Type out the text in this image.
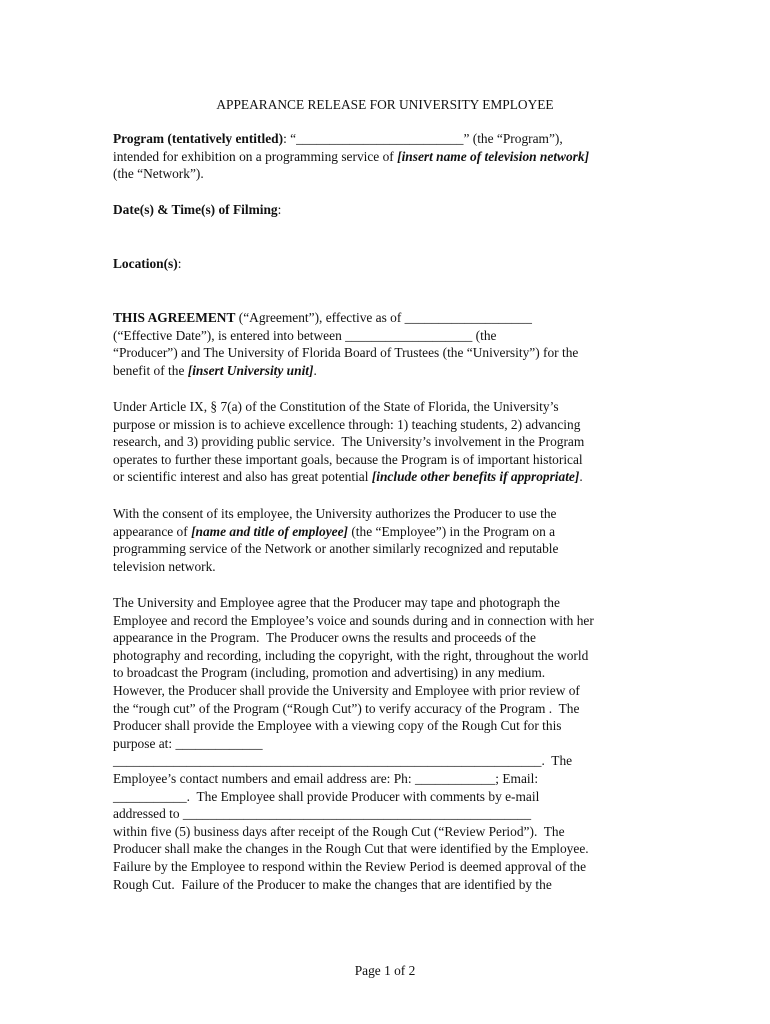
APPEARANCE RELEASE FOR UNIVERSITY EMPLOYEE
Program (tentatively entitled): “_________________________” (the “Program”),
intended for exhibition on a programming service of [insert name of television network]
(the “Network”).
Date(s) & Time(s) of Filming:
Location(s):
THIS AGREEMENT (“Agreement”), effective as of ___________________
(“Effective Date”), is entered into between ___________________ (the
“Producer”) and The University of Florida Board of Trustees (the “University”) for the
benefit of the [insert University unit].
Under Article IX, § 7(a) of the Constitution of the State of Florida, the University’s
purpose or mission is to achieve excellence through: 1) teaching students, 2) advancing
research, and 3) providing public service.  The University’s involvement in the Program
operates to further these important goals, because the Program is of important historical
or scientific interest and also has great potential [include other benefits if appropriate].
With the consent of its employee, the University authorizes the Producer to use the
appearance of [name and title of employee] (the “Employee”) in the Program on a
programming service of the Network or another similarly recognized and reputable
television network.
The University and Employee agree that the Producer may tape and photograph the
Employee and record the Employee’s voice and sounds during and in connection with her
appearance in the Program.  The Producer owns the results and proceeds of the
photography and recording, including the copyright, with the right, throughout the world
to broadcast the Program (including, promotion and advertising) in any medium.
However, the Producer shall provide the University and Employee with prior review of
the “rough cut” of the Program (“Rough Cut”) to verify accuracy of the Program .  The
Producer shall provide the Employee with a viewing copy of the Rough Cut for this
purpose at: _____________
________________________________________________________________.  The
Employee’s contact numbers and email address are: Ph: ____________; Email:
___________.  The Employee shall provide Producer with comments by e-mail
addressed to ____________________________________________________
within five (5) business days after receipt of the Rough Cut (“Review Period”).  The
Producer shall make the changes in the Rough Cut that were identified by the Employee.
Failure by the Employee to respond within the Review Period is deemed approval of the
Rough Cut.  Failure of the Producer to make the changes that are identified by the
Page 1 of 2
